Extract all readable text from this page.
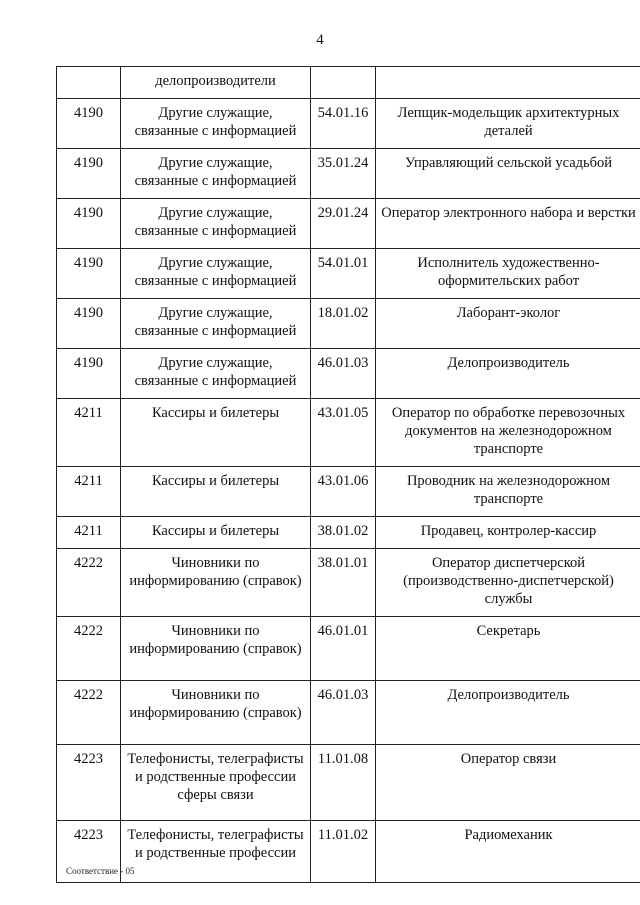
4
	делопроизводители		
4190	Другие служащие, связанные с информацией	54.01.16	Лепщик-модельщик архитектурных деталей
4190	Другие служащие, связанные с информацией	35.01.24	Управляющий сельской усадьбой
4190	Другие служащие, связанные с информацией	29.01.24	Оператор электронного набора и верстки
4190	Другие служащие, связанные с информацией	54.01.01	Исполнитель художественно-оформительских работ
4190	Другие служащие, связанные с информацией	18.01.02	Лаборант-эколог
4190	Другие служащие, связанные с информацией	46.01.03	Делопроизводитель
4211	Кассиры и билетеры	43.01.05	Оператор по обработке перевозочных документов на железнодорожном транспорте
4211	Кассиры и билетеры	43.01.06	Проводник на железнодорожном транспорте
4211	Кассиры и билетеры	38.01.02	Продавец, контролер-кассир
4222	Чиновники по информированию (справок)	38.01.01	Оператор диспетчерской (производственно-диспетчерской) службы
4222	Чиновники по информированию (справок)	46.01.01	Секретарь
4222	Чиновники по информированию (справок)	46.01.03	Делопроизводитель
4223	Телефонисты, телеграфисты и родственные профессии сферы связи	11.01.08	Оператор связи
4223	Телефонисты, телеграфисты и родственные профессии	11.01.02	Радиомеханик
Соответствие - 05
